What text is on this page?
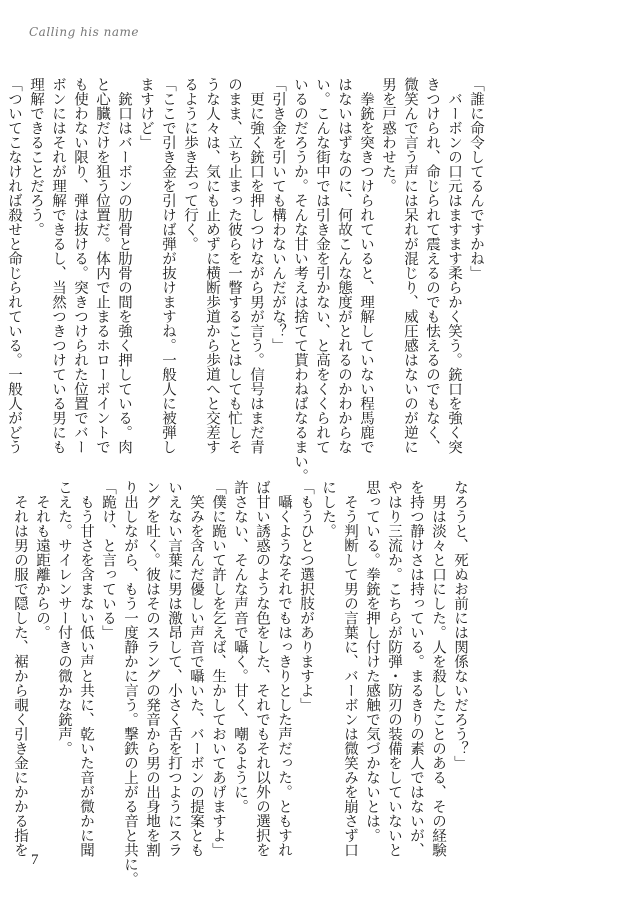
Calling his name
「誰に命令してるんですかね」
　バーボンの口元はますます柔らかく笑う。銃口を強く突
きつけられ、命じられて震えるのでも怯えるのでもなく、
微笑んで言う声には呆れが混じり、威圧感はないのが逆に
男を戸惑わせた。
　拳銃を突きつけられていると、理解していない程馬鹿で
はないはずなのに、何故こんな態度がとれるのかわからな
い。こんな街中では引き金を引かない、と高をくくられて
いるのだろうか。そんな甘い考えは捨てて貰わねばなるまい。
「引き金を引いても構わないんだがな？」
　更に強く銃口を押しつけながら男が言う。信号はまだ青
のまま、立ち止まった彼らを一瞥することはしても忙しそ
うな人々は、気にも止めずに横断歩道から歩道へと交差す
るように歩き去って行く。
「ここで引き金を引けば弾が抜けますね。一般人に被弾し
ますけど」
　銃口はバーボンの肋骨と肋骨の間を強く押している。肉
と心臓だけを狙う位置だ。体内で止まるホローポイントで
も使わない限り、弾は抜ける。突きつけられた位置でバー
ボンにはそれが理解できるし、当然つきつけている男にも
理解できることだろう。
「ついてこなければ殺せと命じられている。一般人がどう
なろうと、死ぬお前には関係ないだろう？」
　男は淡々と口にした。人を殺したことのある、その経験
を持つ静けさは持っている。まるきりの素人ではないが、
やはり三流か。こちらが防弾・防刃の装備をしていないと
思っている。拳銃を押し付けた感触で気づかないとは。
　そう判断して男の言葉に、バーボンは微笑みを崩さず口
にした。
「もうひとつ選択肢がありますよ」
　囁くようなそれでもはっきりとした声だった。ともすれ
ば甘い誘惑のような色をした、それでもそれ以外の選択を
許さない、そんな声音で囁く。甘く、嘲るように。
「僕に跪いて許しを乞えば、生かしておいてあげますよ」
　笑みを含んだ優しい声音で囁いた、バーボンの提案とも
いえない言葉に男は激昂して、小さく舌を打つようにスラ
ングを吐く。彼はそのスラングの発音から男の出身地を割
り出しながら、もう一度静かに言う。撃鉄の上がる音と共に。
「跪け、と言っている」
　もう甘さを含まない低い声と共に、乾いた音が微かに聞
こえた。サイレンサー付きの微かな銃声。
　それも遠距離からの。
　それは男の服で隠した、裾から覗く引き金にかかる指を
7
